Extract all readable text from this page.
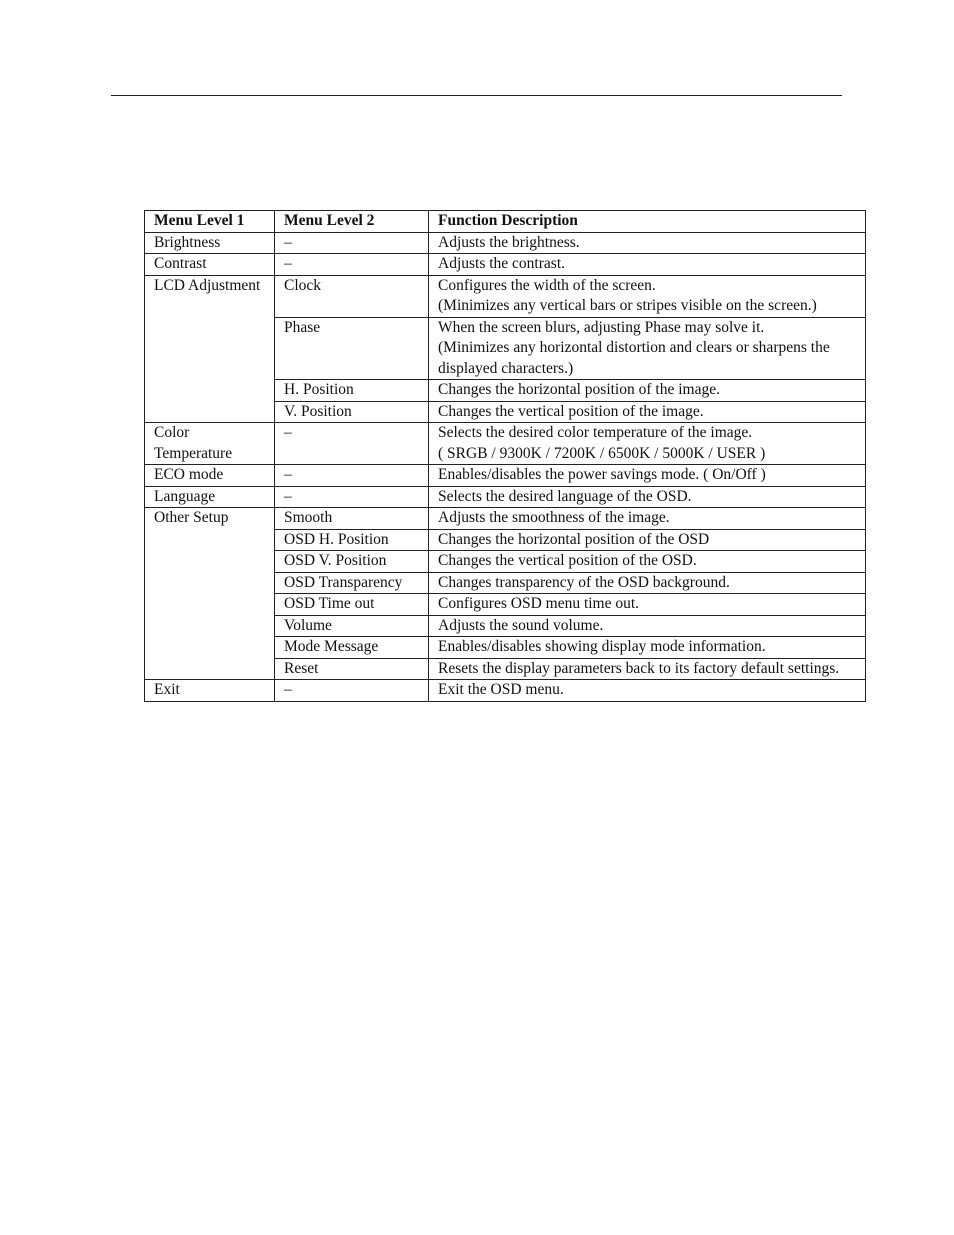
Menu Level 1	Menu Level 2	Function Description
Brightness	–	Adjusts the brightness.
Contrast	–	Adjusts the contrast.
LCD Adjustment	Clock	Configures the width of the screen.
(Minimizes any vertical bars or stripes visible on the screen.)
	Phase	When the screen blurs, adjusting Phase may solve it.
(Minimizes any horizontal distortion and clears or sharpens the displayed characters.)
	H. Position	Changes the horizontal position of the image.
	V. Position	Changes the vertical position of the image.
Color Temperature	–	Selects the desired color temperature of the image.
( SRGB / 9300K / 7200K / 6500K / 5000K / USER )
ECO mode	–	Enables/disables the power savings mode. ( On/Off )
Language	–	Selects the desired language of the OSD.
Other Setup	Smooth	Adjusts the smoothness of the image.
	OSD H. Position	Changes the horizontal position of the OSD
	OSD V. Position	Changes the vertical position of the OSD.
	OSD Transparency	Changes transparency of the OSD background.
	OSD Time out	Configures OSD menu time out.
	Volume	Adjusts the sound volume.
	Mode Message	Enables/disables showing display mode information.
	Reset	Resets the display parameters back to its factory default settings.
Exit	–	Exit the OSD menu.
